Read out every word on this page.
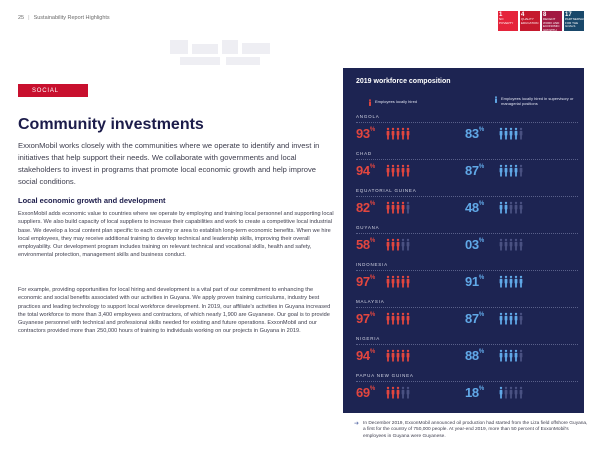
25 | Sustainability Report Highlights	1
NO POVERTY
4
QUALITY EDUCATION
8
DECENT WORK AND ECONOMIC GROWTH
17
PARTNERSHIPS FOR THE GOALS
SOCIAL
Community investments
ExxonMobil works closely with the communities where we operate to identify and invest in initiatives that help support their needs. We collaborate with governments and local stakeholders to invest in programs that promote local economic growth and help improve social conditions.
Local economic growth and development
ExxonMobil adds economic value to countries where we operate by employing and training local personnel and supporting local suppliers. We also build capacity of local suppliers to increase their capabilities and work to create a competitive local industrial base. We develop a local content plan specific to each country or area to establish long-term economic benefits. When we hire local employees, they may receive additional training to develop technical and leadership skills, improving their overall employability. Our development program includes training on relevant technical and vocational skills, health and safety, environmental protection, management skills and business conduct.
For example, providing opportunities for local hiring and development is a vital part of our commitment to enhancing the economic and social benefits associated with our activities in Guyana. We apply proven training curriculums, industry best practices and leading technology to support local workforce development. In 2019, our affiliate's activities in Guyana increased the total workforce to more than 3,400 employees and contractors, of which nearly 1,900 are Guyanese. Our goal is to provide Guyanese personnel with technical and professional skills needed for existing and future operations. ExxonMobil and our contractors provided more than 250,000 hours of training to individuals working on our projects in Guyana in 2019.
2019 workforce composition
Employees locally hired
Employees locally hired in supervisory or managerial positions
ANGOLA
93%	83%
CHAD
94%	87%
EQUATORIAL GUINEA
82%	48%
GUYANA
58%	03%
INDONESIA
97%	91%
MALAYSIA
97%	87%
NIGERIA
94%	88%
PAPUA NEW GUINEA
69%	18%
➜ In December 2019, ExxonMobil announced oil production had started from the Liza field offshore Guyana, a first for the country of 750,000 people. At year-end 2019, more than 50 percent of ExxonMobil's employees in Guyana were Guyanese.
